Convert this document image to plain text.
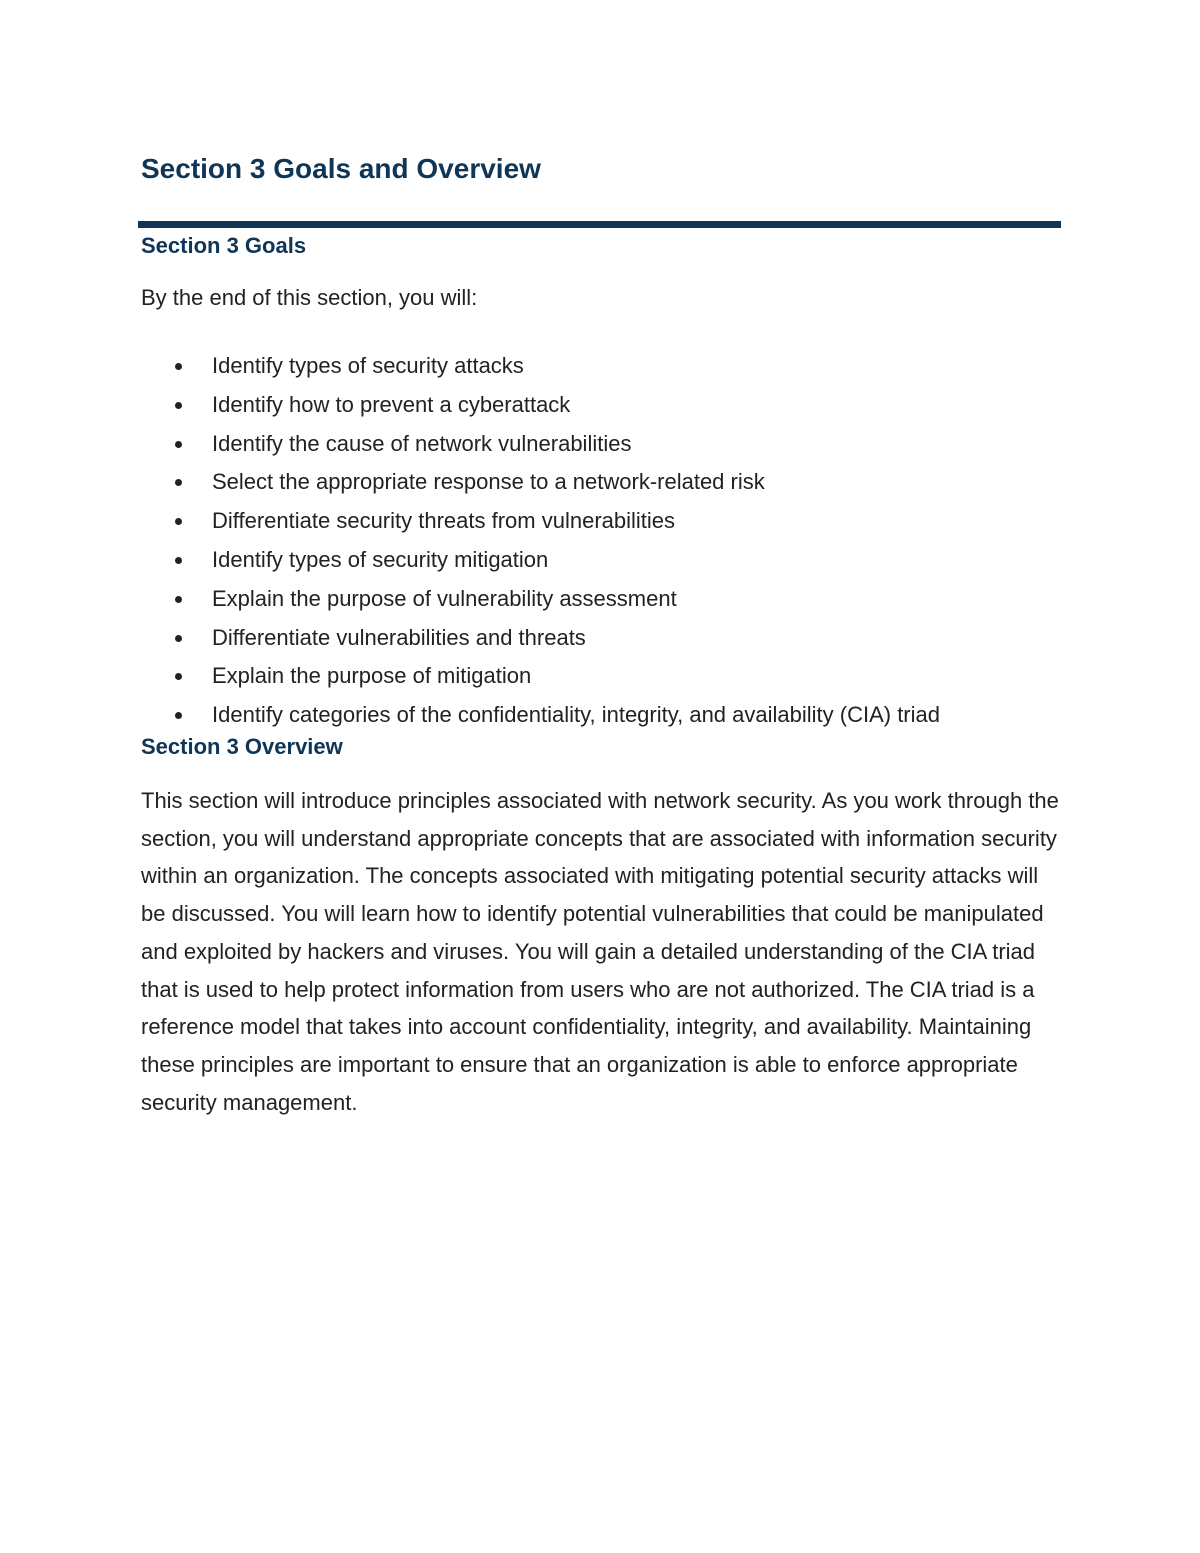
Section 3 Goals and Overview
Section 3 Goals

By the end of this section, you will:

Identify types of security attacks
Identify how to prevent a cyberattack
Identify the cause of network vulnerabilities
Select the appropriate response to a network-related risk
Differentiate security threats from vulnerabilities
Identify types of security mitigation
Explain the purpose of vulnerability assessment
Differentiate vulnerabilities and threats
Explain the purpose of mitigation
Identify categories of the confidentiality, integrity, and availability (CIA) triad
Section 3 Overview

This section will introduce principles associated with network security. As you work through the section, you will understand appropriate concepts that are associated with information security within an organization. The concepts associated with mitigating potential security attacks will be discussed. You will learn how to identify potential vulnerabilities that could be manipulated and exploited by hackers and viruses. You will gain a detailed understanding of the CIA triad that is used to help protect information from users who are not authorized. The CIA triad is a reference model that takes into account confidentiality, integrity, and availability. Maintaining these principles are important to ensure that an organization is able to enforce appropriate security management.
